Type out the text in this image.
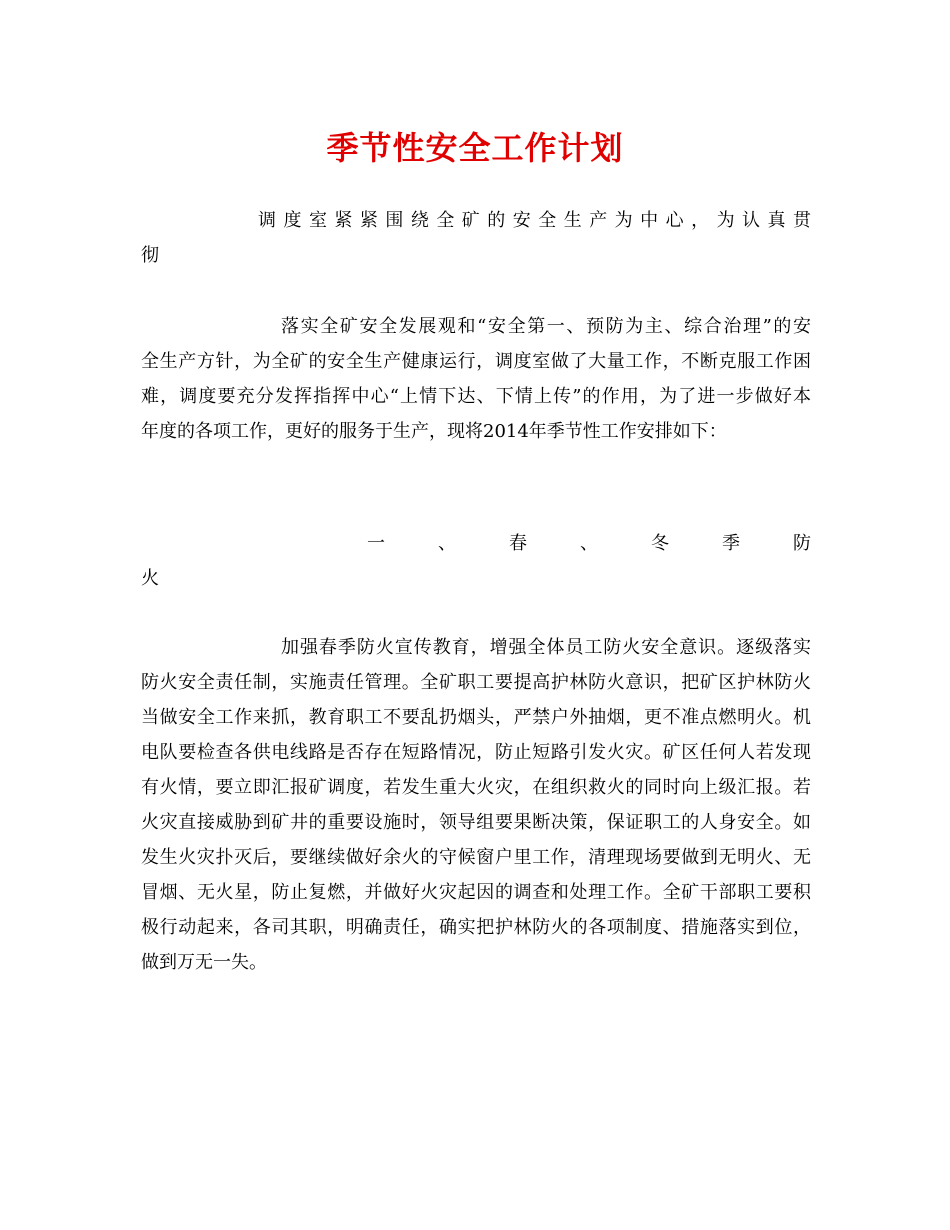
季节性安全工作计划

调度室紧紧围绕全矿的安全生产为中心，为认真贯

彻

落实全矿安全发展观和“安全第一、预防为主、综合治理”的安

全生产方针，为全矿的安全生产健康运行，调度室做了大量工作，不断克服工作困

难，调度要充分发挥指挥中心“上情下达、下情上传”的作用，为了进一步做好本

年度的各项工作，更好的服务于生产，现将2014年季节性工作安排如下：

一、春、冬季防

火

加强春季防火宣传教育，增强全体员工防火安全意识。逐级落实

防火安全责任制，实施责任管理。全矿职工要提高护林防火意识，把矿区护林防火

当做安全工作来抓，教育职工不要乱扔烟头，严禁户外抽烟，更不准点燃明火。机

电队要检查各供电线路是否存在短路情况，防止短路引发火灾。矿区任何人若发现

有火情，要立即汇报矿调度，若发生重大火灾，在组织救火的同时向上级汇报。若

火灾直接威胁到矿井的重要设施时，领导组要果断决策，保证职工的人身安全。如

发生火灾扑灭后，要继续做好余火的守候窗户里工作，清理现场要做到无明火、无

冒烟、无火星，防止复燃，并做好火灾起因的调查和处理工作。全矿干部职工要积

极行动起来，各司其职，明确责任，确实把护林防火的各项制度、措施落实到位，

做到万无一失。
